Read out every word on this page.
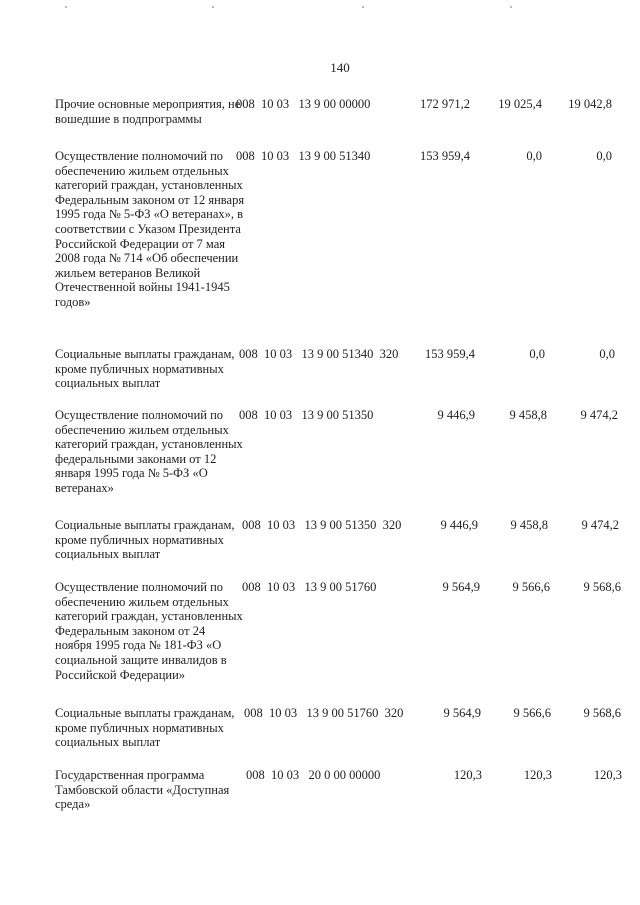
140
Прочие основные мероприятия, не вошедшие в подпрограммы
008  10 03   13 9 00 00000	172 971,2	19 025,4	19 042,8
Осуществление полномочий по обеспечению жильем отдельных категорий граждан, установленных Федеральным законом от 12 января 1995 года № 5-ФЗ «О ветеранах», в соответствии с Указом Президента Российской Федерации от 7 мая 2008 года № 714 «Об обеспечении жильем ветеранов Великой Отечественной войны 1941-1945 годов»
008  10 03   13 9 00 51340	153 959,4	0,0	0,0
Социальные выплаты гражданам, кроме публичных нормативных социальных выплат
008  10 03   13 9 00 51340  320	153 959,4	0,0	0,0
Осуществление полномочий по обеспечению жильем отдельных категорий граждан, установленных федеральными законами от 12 января 1995 года № 5-ФЗ «О ветеранах»
008  10 03   13 9 00 51350	9 446,9	9 458,8	9 474,2
Социальные выплаты гражданам, кроме публичных нормативных социальных выплат
008  10 03   13 9 00 51350  320	9 446,9	9 458,8	9 474,2
Осуществление полномочий по обеспечению жильем отдельных категорий граждан, установленных Федеральным законом от 24 ноября 1995 года № 181-ФЗ «О социальной защите инвалидов в Российской Федерации»
008  10 03   13 9 00 51760	9 564,9	9 566,6	9 568,6
Социальные выплаты гражданам, кроме публичных нормативных социальных выплат
008  10 03   13 9 00 51760  320	9 564,9	9 566,6	9 568,6
Государственная программа Тамбовской области «Доступная среда»
008  10 03   20 0 00 00000	120,3	120,3	120,3
